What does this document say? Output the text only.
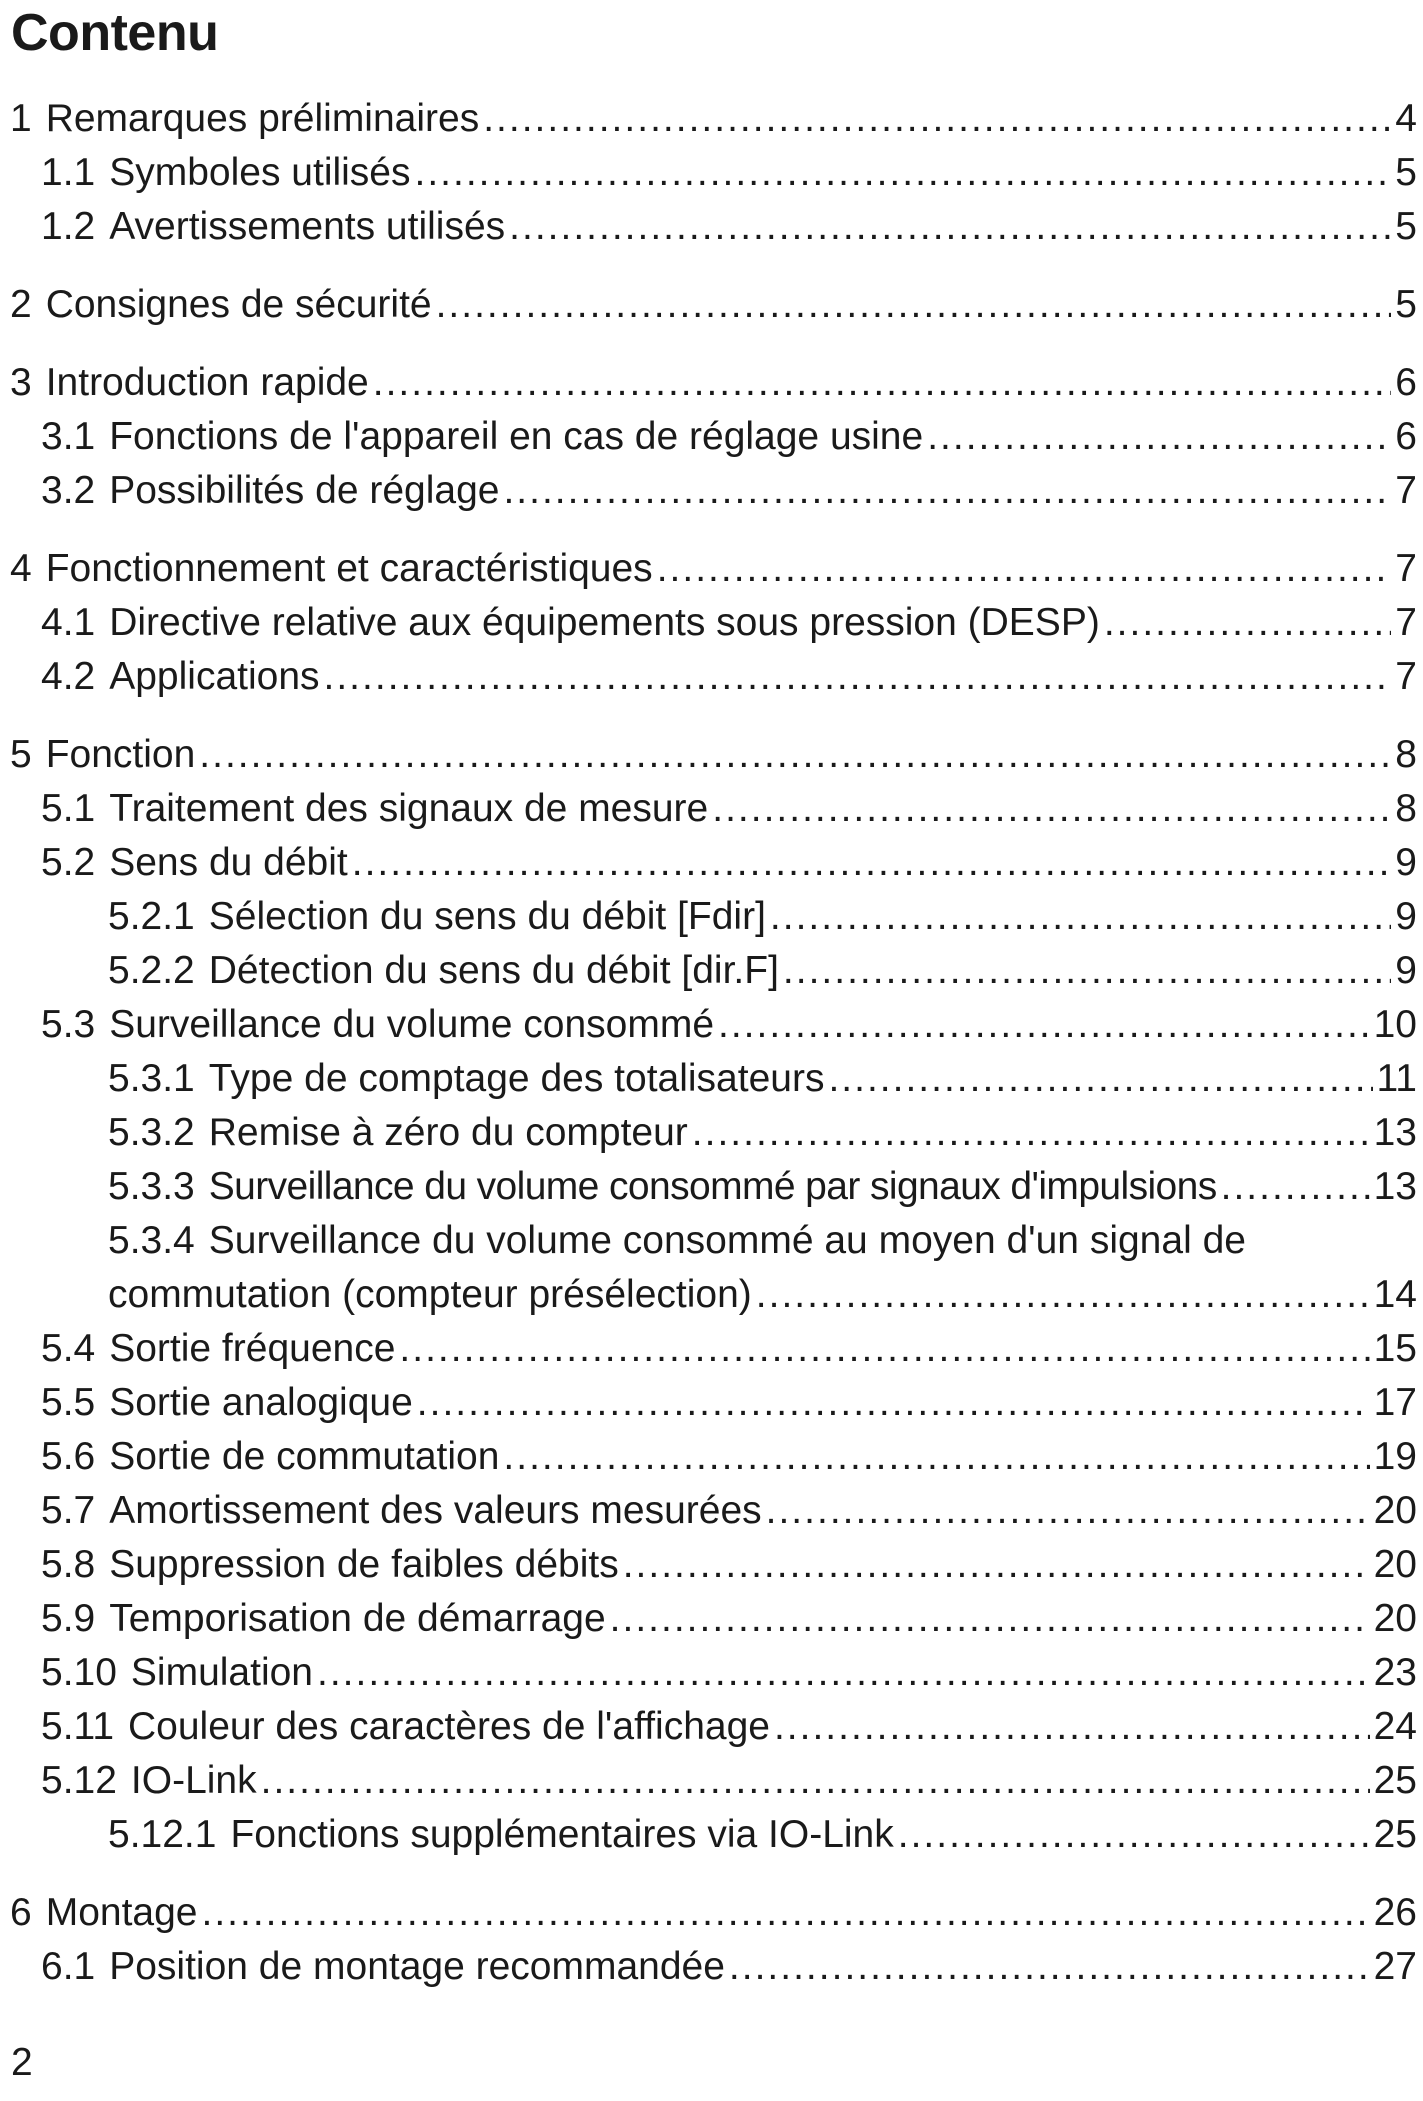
Contenu
1 Remarques préliminaires .....	4
1.1 Symboles utilisés .....	5
1.2 Avertissements utilisés .....	5
2 Consignes de sécurité .....	5
3 Introduction rapide .....	6
3.1 Fonctions de l'appareil en cas de réglage usine .....	6
3.2 Possibilités de réglage .....	7
4 Fonctionnement et caractéristiques .....	7
4.1 Directive relative aux équipements sous pression (DESP) .....	7
4.2 Applications .....	7
5 Fonction .....	8
5.1 Traitement des signaux de mesure .....	8
5.2 Sens du débit .....	9
5.2.1 Sélection du sens du débit [Fdir] .....	9
5.2.2 Détection du sens du débit [dir.F] .....	9
5.3 Surveillance du volume consommé .....	10
5.3.1 Type de comptage des totalisateurs .....	11
5.3.2 Remise à zéro du compteur .....	13
5.3.3 Surveillance du volume consommé par signaux d'impulsions .....	13
5.3.4 Surveillance du volume consommé au moyen d'un signal de
commutation (compteur présélection) .....	14
5.4 Sortie fréquence .....	15
5.5 Sortie analogique .....	17
5.6 Sortie de commutation .....	19
5.7 Amortissement des valeurs mesurées .....	20
5.8 Suppression de faibles débits .....	20
5.9 Temporisation de démarrage .....	20
5.10 Simulation .....	23
5.11 Couleur des caractères de l'affichage .....	24
5.12 IO-Link .....	25
5.12.1 Fonctions supplémentaires via IO-Link .....	25
6 Montage .....	26
6.1 Position de montage recommandée .....	27
2
